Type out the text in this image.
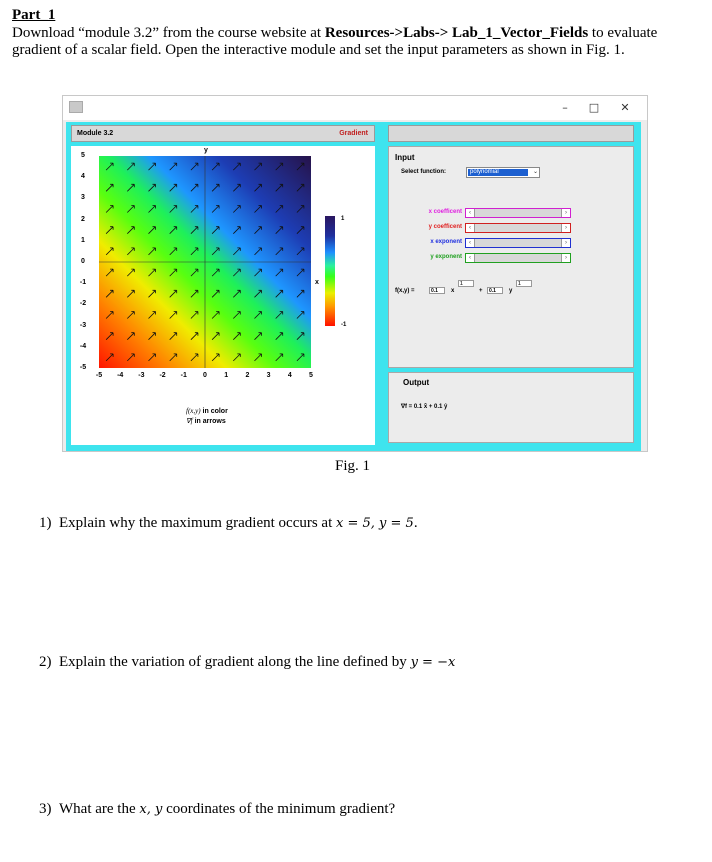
Part_1
Download “module 3.2” from the course website at Resources->Labs-> Lab_1_Vector_Fields to evaluate gradient of a scalar field. Open the interactive module and set the input parameters as shown in Fig. 1.
–	□	✕
Module 3.2	Gradient
y
x
-5	-4	-3	-2	-1	0	1	2	3	4	5
5
4
3
2
1
0
-1
-2
-3
-4
-5
1
-1
f(x,y) in color
∇f in arrows
Input
Select function:	polynomial	⌄
x coefficent	‹	›
y coefficent	‹	›
x exponent	‹	›
y exponent	‹	›
f(x,y) =	0.1	x
1
+	0.1	y
1
Output
∇f = 0.1 x̂ + 0.1 ŷ
Fig. 1
1) Explain why the maximum gradient occurs at x = 5, y = 5.
2) Explain the variation of gradient along the line defined by y = −x
3) What are the x, y coordinates of the minimum gradient?
